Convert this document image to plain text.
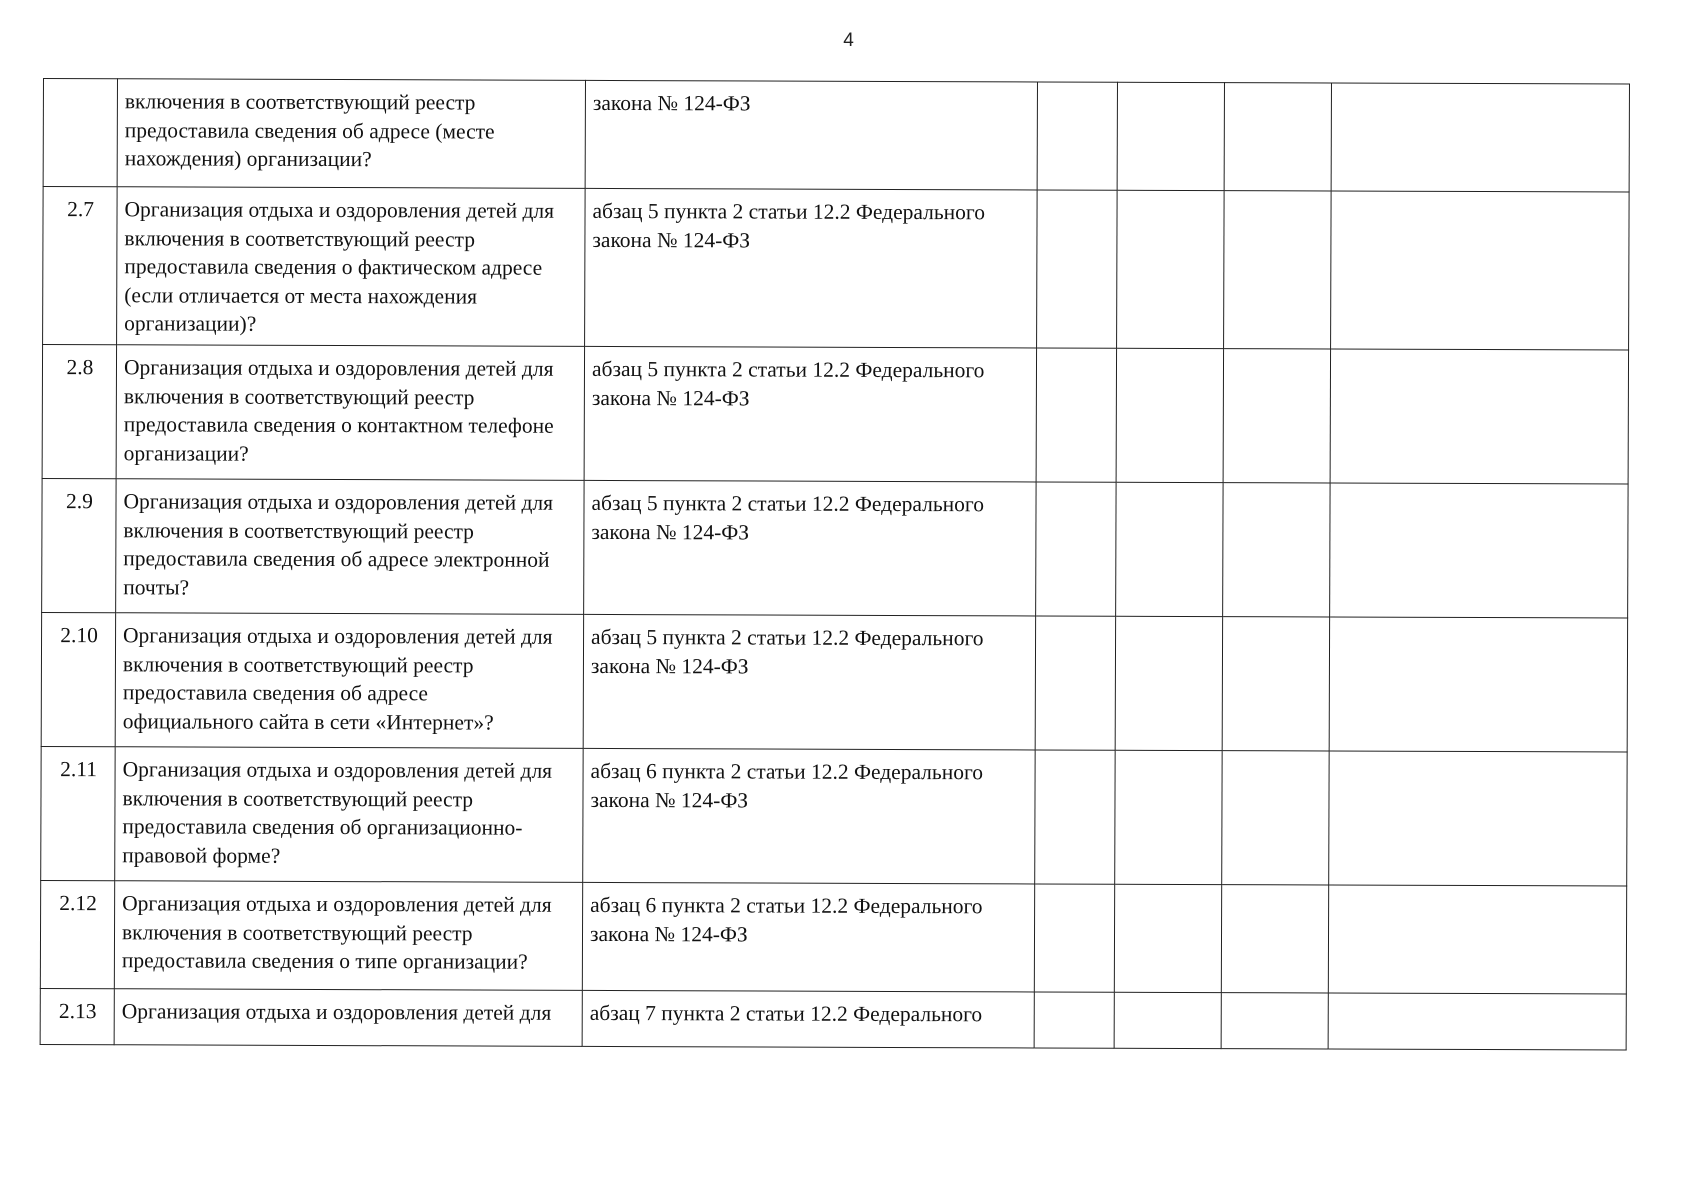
4

	включения в соответствующий реестр
предоставила сведения об адресе (месте
нахождения) организации?	закона № 124-ФЗ				

2.7	Организация отдыха и оздоровления детей для
включения в соответствующий реестр
предоставила сведения о фактическом адресе
(если отличается от места нахождения
организации)?	абзац 5 пункта 2 статьи 12.2 Федерального
закона № 124-ФЗ				

2.8	Организация отдыха и оздоровления детей для
включения в соответствующий реестр
предоставила сведения о контактном телефоне
организации?	абзац 5 пункта 2 статьи 12.2 Федерального
закона № 124-ФЗ				

2.9	Организация отдыха и оздоровления детей для
включения в соответствующий реестр
предоставила сведения об адресе электронной
почты?	абзац 5 пункта 2 статьи 12.2 Федерального
закона № 124-ФЗ				

2.10	Организация отдыха и оздоровления детей для
включения в соответствующий реестр
предоставила сведения об адресе
официального сайта в сети «Интернет»?	абзац 5 пункта 2 статьи 12.2 Федерального
закона № 124-ФЗ				

2.11	Организация отдыха и оздоровления детей для
включения в соответствующий реестр
предоставила сведения об организационно-
правовой форме?	абзац 6 пункта 2 статьи 12.2 Федерального
закона № 124-ФЗ				

2.12	Организация отдыха и оздоровления детей для
включения в соответствующий реестр
предоставила сведения о типе организации?	абзац 6 пункта 2 статьи 12.2 Федерального
закона № 124-ФЗ				

2.13	Организация отдыха и оздоровления детей для	абзац 7 пункта 2 статьи 12.2 Федерального				
